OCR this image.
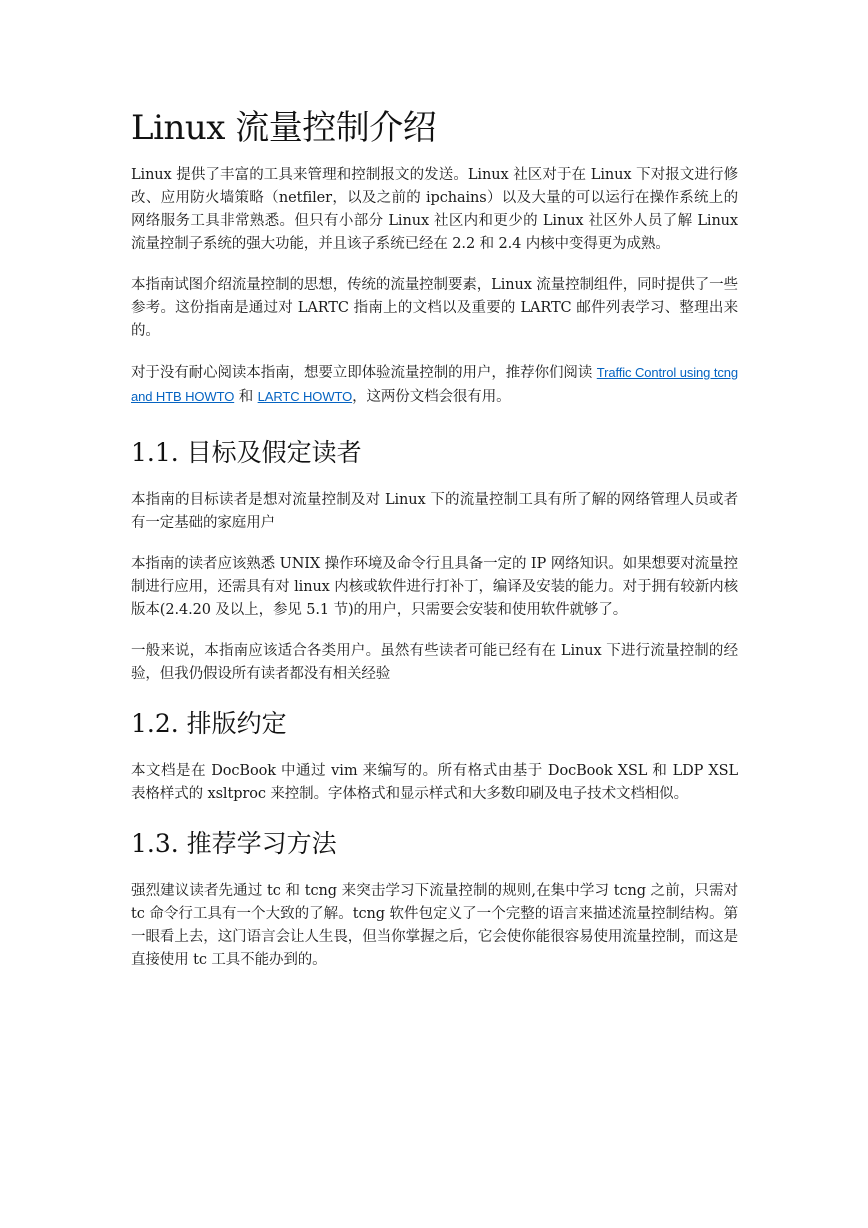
Linux 流量控制介绍

Linux 提供了丰富的工具来管理和控制报文的发送。Linux 社区对于在 Linux 下对报文进行修改、应用防火墙策略（netfiler，以及之前的 ipchains）以及大量的可以运行在操作系统上的网络服务工具非常熟悉。但只有小部分 Linux 社区内和更少的 Linux 社区外人员了解 Linux 流量控制子系统的强大功能，并且该子系统已经在 2.2 和 2.4 内核中变得更为成熟。

本指南试图介绍流量控制的思想，传统的流量控制要素，Linux 流量控制组件，同时提供了一些参考。这份指南是通过对 LARTC 指南上的文档以及重要的 LARTC 邮件列表学习、整理出来的。

对于没有耐心阅读本指南，想要立即体验流量控制的用户，推荐你们阅读 Traffic Control using tcng and HTB HOWTO 和 LARTC HOWTO，这两份文档会很有用。

1.1. 目标及假定读者

本指南的目标读者是想对流量控制及对 Linux 下的流量控制工具有所了解的网络管理人员或者有一定基础的家庭用户

本指南的读者应该熟悉 UNIX 操作环境及命令行且具备一定的 IP 网络知识。如果想要对流量控制进行应用，还需具有对 linux 内核或软件进行打补丁，编译及安装的能力。对于拥有较新内核版本(2.4.20 及以上，参见 5.1 节)的用户，只需要会安装和使用软件就够了。

一般来说，本指南应该适合各类用户。虽然有些读者可能已经有在 Linux 下进行流量控制的经验，但我仍假设所有读者都没有相关经验

1.2. 排版约定

本文档是在 DocBook 中通过 vim 来编写的。所有格式由基于 DocBook XSL 和 LDP XSL 表格样式的 xsltproc 来控制。字体格式和显示样式和大多数印刷及电子技术文档相似。

1.3. 推荐学习方法

强烈建议读者先通过 tc 和 tcng 来突击学习下流量控制的规则,在集中学习 tcng 之前，只需对 tc 命令行工具有一个大致的了解。tcng 软件包定义了一个完整的语言来描述流量控制结构。第一眼看上去，这门语言会让人生畏，但当你掌握之后，它会使你能很容易使用流量控制，而这是直接使用 tc 工具不能办到的。
